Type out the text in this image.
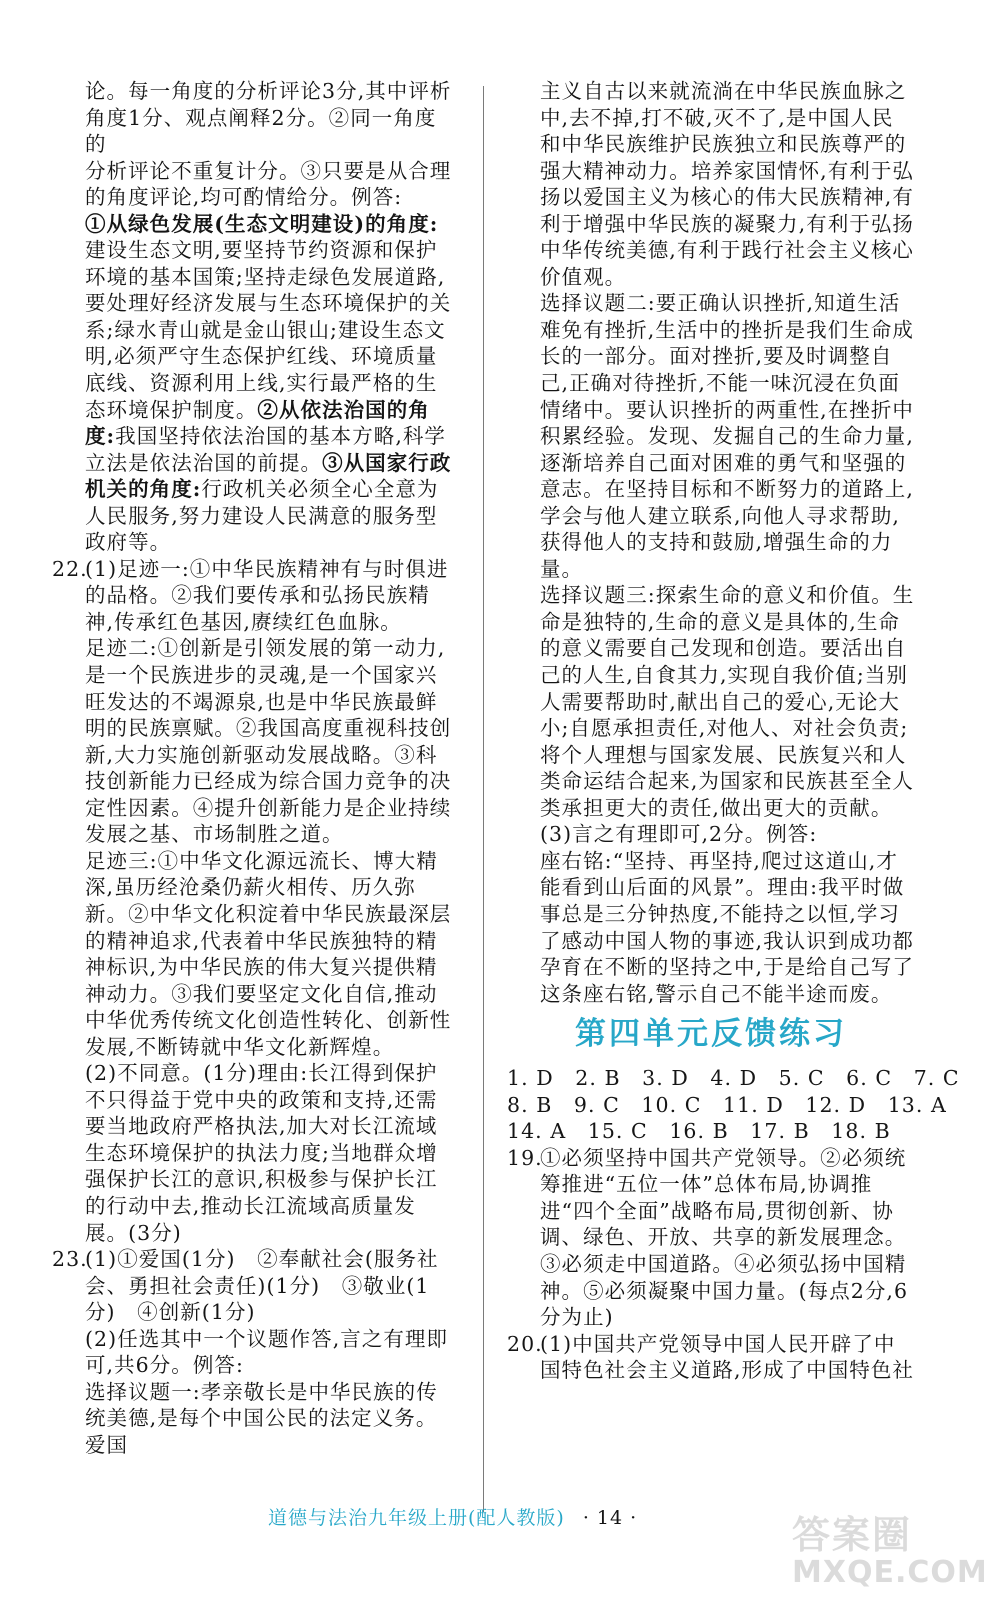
论。每一角度的分析评论3分,其中评析
角度1分、观点阐释2分。②同一角度的
分析评论不重复计分。③只要是从合理
的角度评论,均可酌情给分。例答:
①从绿色发展(生态文明建设)的角度:建设生态文明,要坚持节约资源和保护环境的基本国策;坚持走绿色发展道路,要处理好经济发展与生态环境保护的关系;绿水青山就是金山银山;建设生态文明,必须严守生态保护红线、环境质量底线、资源利用上线,实行最严格的生态环境保护制度。②从依法治国的角度:我国坚持依法治国的基本方略,科学立法是依法治国的前提。③从国家行政机关的角度:行政机关必须全心全意为人民服务,努力建设人民满意的服务型政府等。
22.
(1)足迹一:①中华民族精神有与时俱进的品格。②我们要传承和弘扬民族精神,传承红色基因,赓续红色血脉。
足迹二:①创新是引领发展的第一动力,是一个民族进步的灵魂,是一个国家兴旺发达的不竭源泉,也是中华民族最鲜明的民族禀赋。②我国高度重视科技创新,大力实施创新驱动发展战略。③科技创新能力已经成为综合国力竞争的决定性因素。④提升创新能力是企业持续发展之基、市场制胜之道。
足迹三:①中华文化源远流长、博大精深,虽历经沧桑仍薪火相传、历久弥新。②中华文化积淀着中华民族最深层的精神追求,代表着中华民族独特的精神标识,为中华民族的伟大复兴提供精神动力。③我们要坚定文化自信,推动中华优秀传统文化创造性转化、创新性发展,不断铸就中华文化新辉煌。
(2)不同意。(1分)理由:长江得到保护不只得益于党中央的政策和支持,还需要当地政府严格执法,加大对长江流域生态环境保护的执法力度;当地群众增强保护长江的意识,积极参与保护长江的行动中去,推动长江流域高质量发展。(3分)
23.
(1)①爱国(1分)　②奉献社会(服务社会、勇担社会责任)(1分)　③敬业(1分)　④创新(1分)
(2)任选其中一个议题作答,言之有理即可,共6分。例答:
选择议题一:孝亲敬长是中华民族的传统美德,是每个中国公民的法定义务。爱国
主义自古以来就流淌在中华民族血脉之中,去不掉,打不破,灭不了,是中国人民和中华民族维护民族独立和民族尊严的强大精神动力。培养家国情怀,有利于弘扬以爱国主义为核心的伟大民族精神,有利于增强中华民族的凝聚力,有利于弘扬中华传统美德,有利于践行社会主义核心价值观。
选择议题二:要正确认识挫折,知道生活难免有挫折,生活中的挫折是我们生命成长的一部分。面对挫折,要及时调整自己,正确对待挫折,不能一味沉浸在负面情绪中。要认识挫折的两重性,在挫折中积累经验。发现、发掘自己的生命力量,逐渐培养自己面对困难的勇气和坚强的意志。在坚持目标和不断努力的道路上,学会与他人建立联系,向他人寻求帮助,获得他人的支持和鼓励,增强生命的力量。
选择议题三:探索生命的意义和价值。生命是独特的,生命的意义是具体的,生命的意义需要自己发现和创造。要活出自己的人生,自食其力,实现自我价值;当别人需要帮助时,献出自己的爱心,无论大小;自愿承担责任,对他人、对社会负责;将个人理想与国家发展、民族复兴和人类命运结合起来,为国家和民族甚至全人类承担更大的责任,做出更大的贡献。
(3)言之有理即可,2分。例答:
座右铭:“坚持、再坚持,爬过这道山,才能看到山后面的风景”。理由:我平时做事总是三分钟热度,不能持之以恒,学习了感动中国人物的事迹,我认识到成功都孕育在不断的坚持之中,于是给自己写了这条座右铭,警示自己不能半途而废。
第四单元反馈练习
1. D　2. B　3. D　4. D　5. C　6. C　7. C
8. B　9. C　10. C　11. D　12. D　13. A
14. A　15. C　16. B　17. B　18. B
19.
①必须坚持中国共产党领导。②必须统筹推进“五位一体”总体布局,协调推进“四个全面”战略布局,贯彻创新、协调、绿色、开放、共享的新发展理念。③必须走中国道路。④必须弘扬中国精神。⑤必须凝聚中国力量。(每点2分,6分为止)
20.
(1)中国共产党领导中国人民开辟了中国特色社会主义道路,形成了中国特色社
道德与法治九年级上册(配人教版) · 14 ·	答案圈
MXQE.COM
